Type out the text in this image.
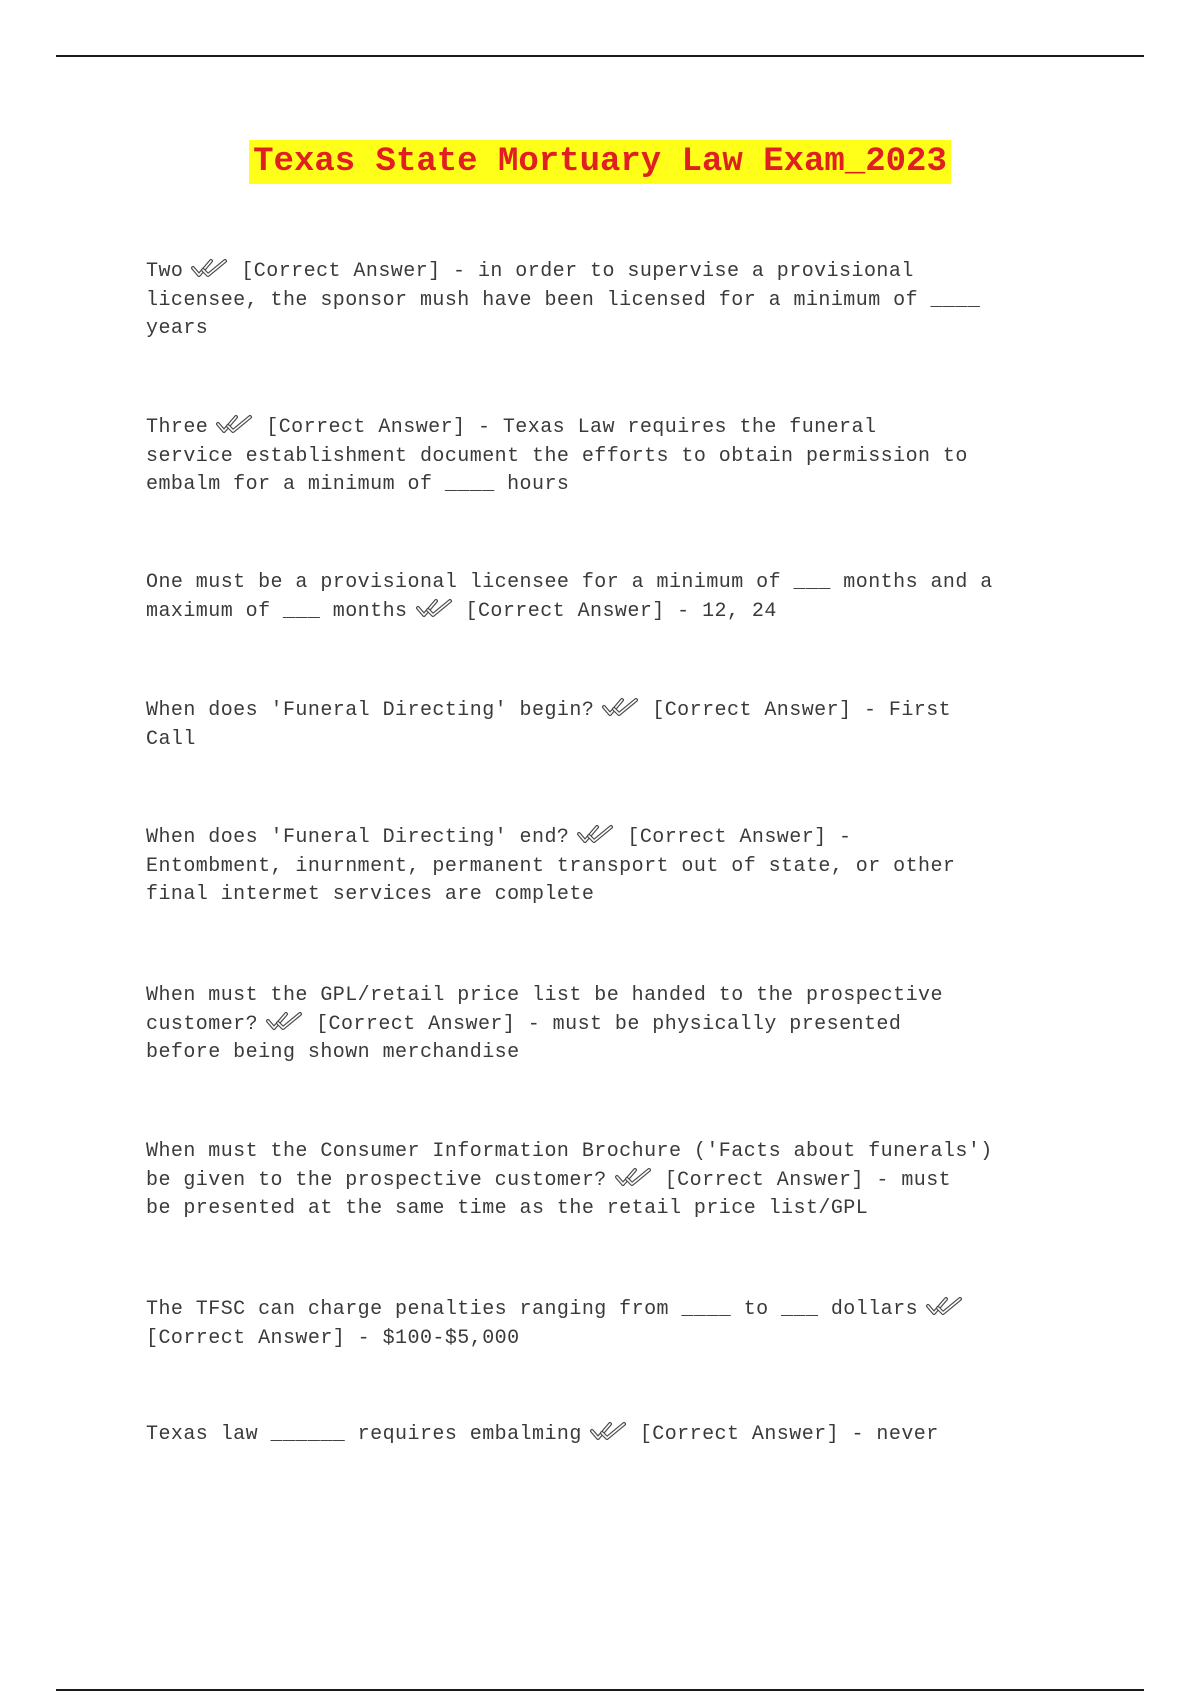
Texas State Mortuary Law Exam_2023

Two	[Correct Answer] - in order to supervise a provisional
licensee, the sponsor mush have been licensed for a minimum of ____
years

Three	[Correct Answer] - Texas Law requires the funeral
service establishment document the efforts to obtain permission to
embalm for a minimum of ____ hours

One must be a provisional licensee for a minimum of ___ months and a
maximum of ___ months	[Correct Answer] - 12, 24

When does 'Funeral Directing' begin?	[Correct Answer] - First
Call

When does 'Funeral Directing' end?	[Correct Answer] -
Entombment, inurnment, permanent transport out of state, or other
final intermet services are complete

When must the GPL/retail price list be handed to the prospective
customer?	[Correct Answer] - must be physically presented
before being shown merchandise

When must the Consumer Information Brochure ('Facts about funerals')
be given to the prospective customer?	[Correct Answer] - must
be presented at the same time as the retail price list/GPL

The TFSC can charge penalties ranging from ____ to ___ dollars

[Correct Answer] - $100-$5,000

Texas law ______ requires embalming	[Correct Answer] - never
